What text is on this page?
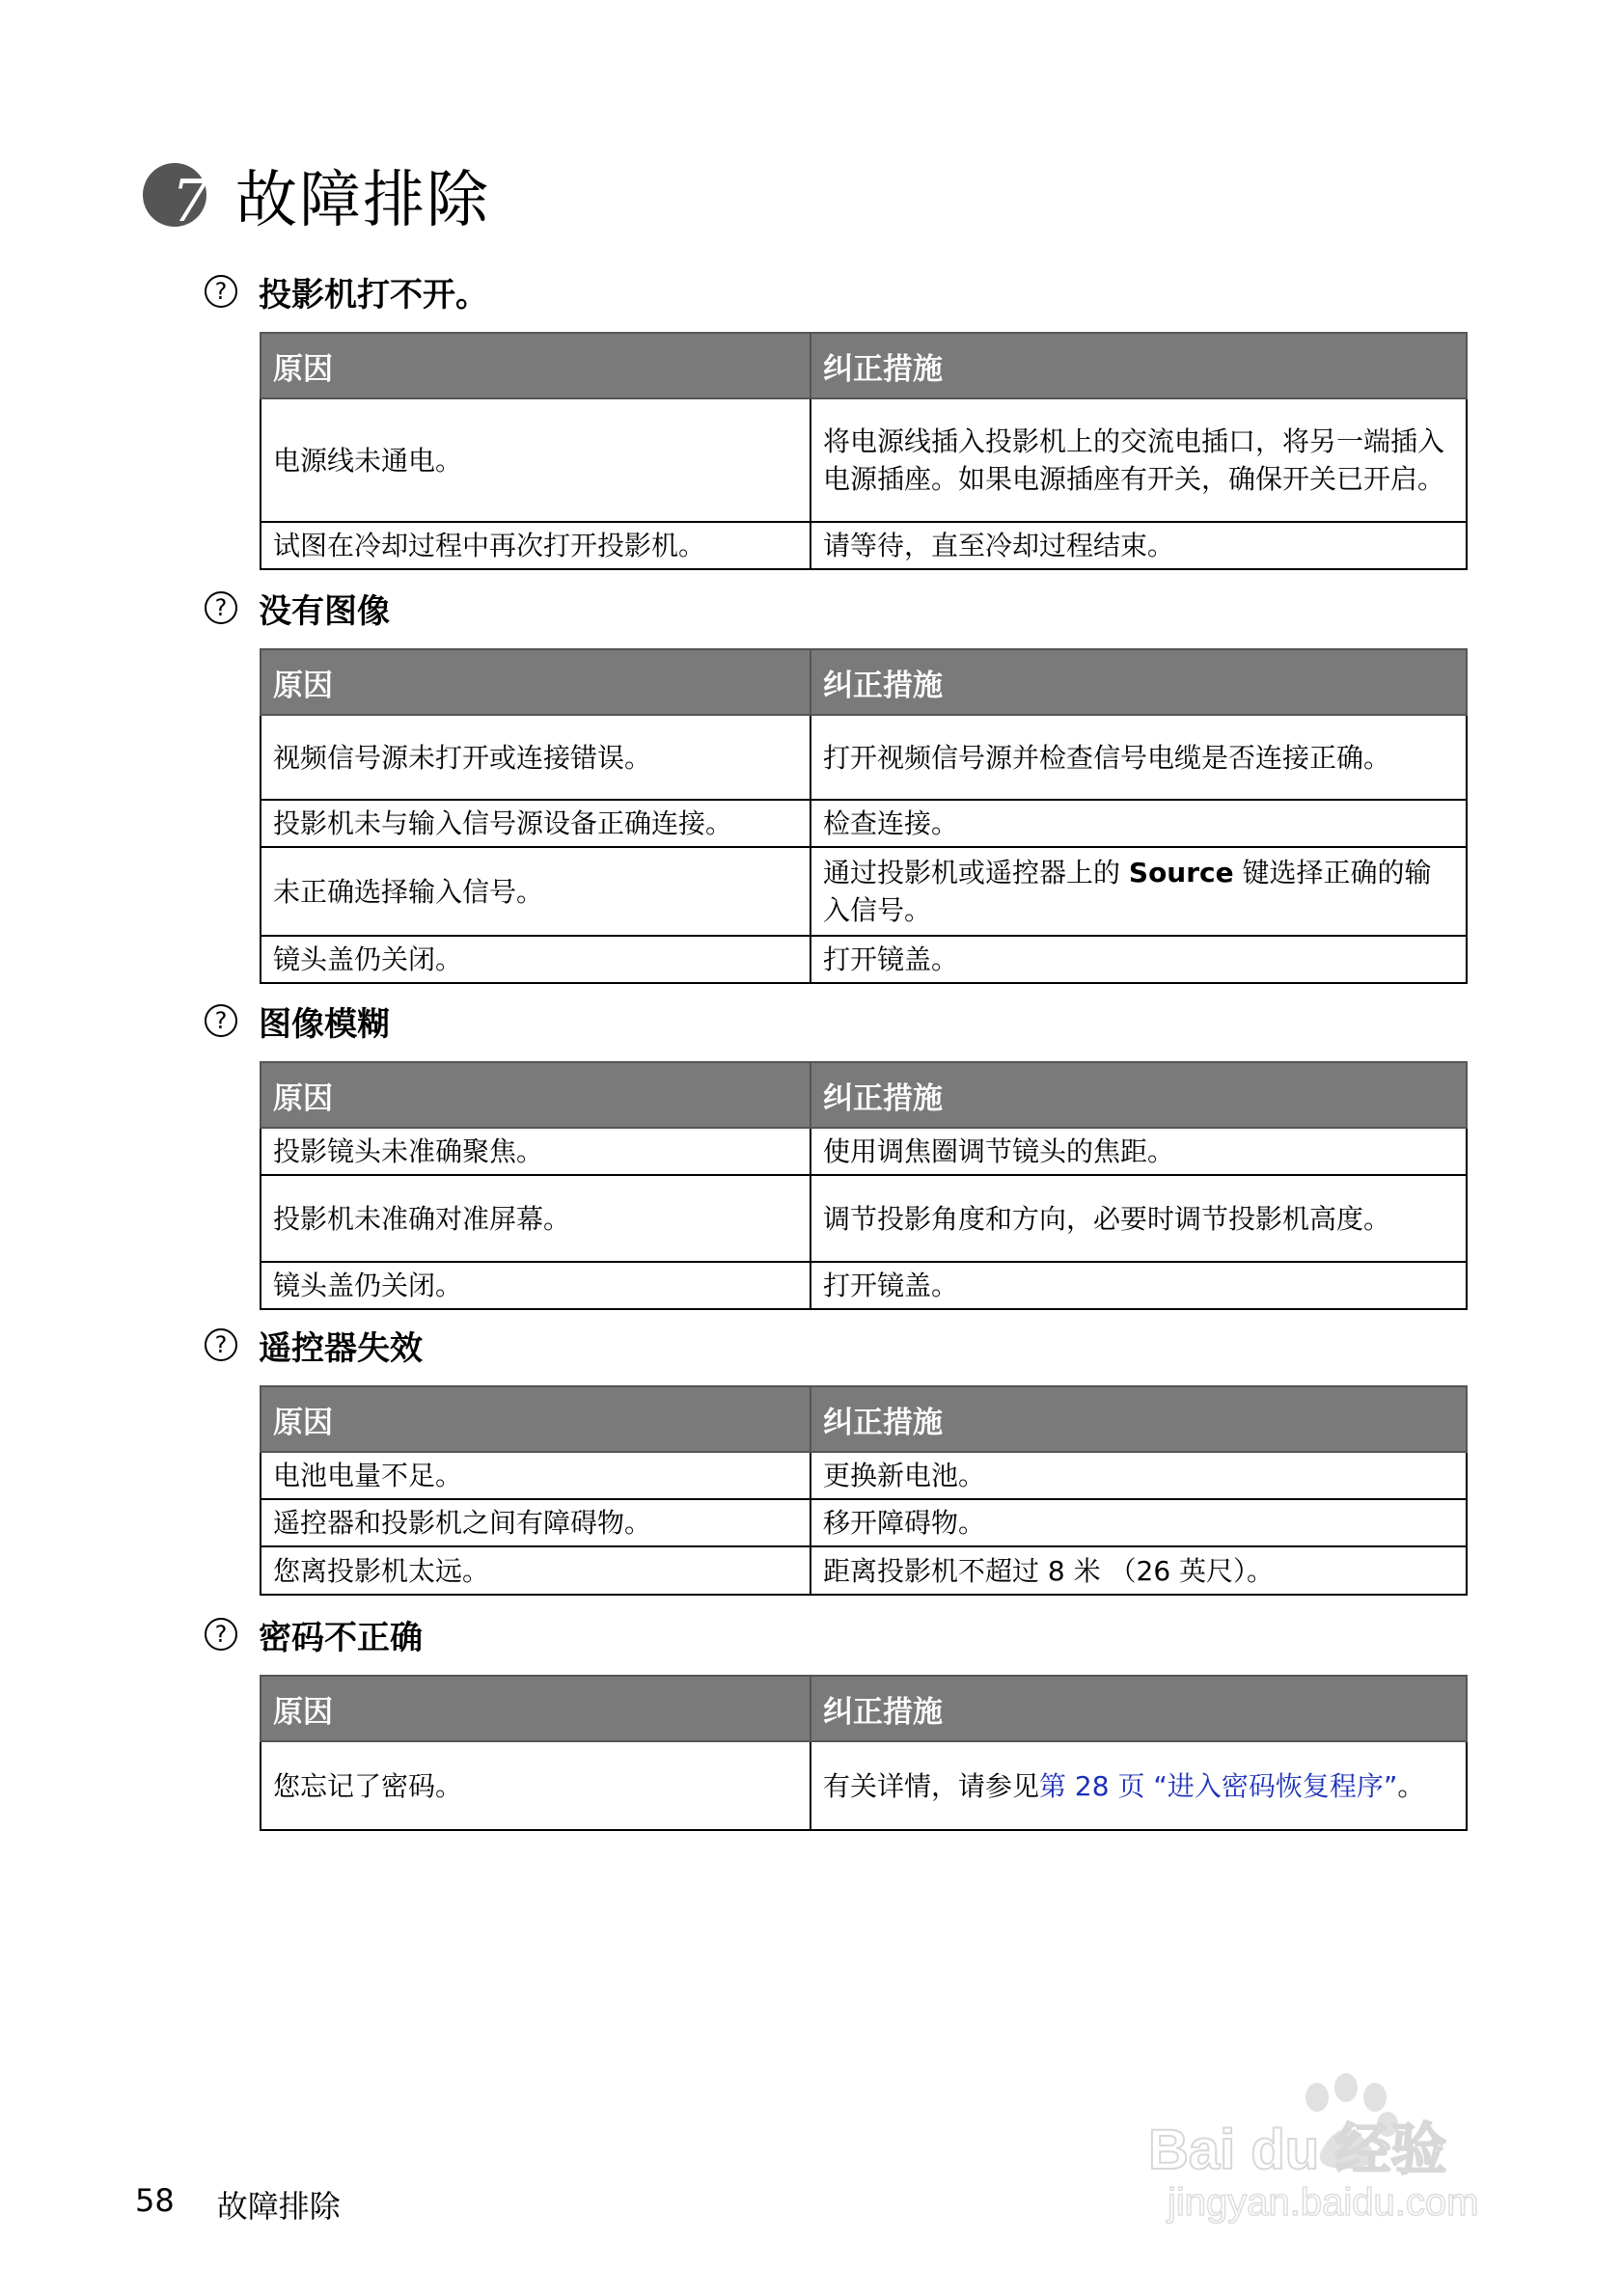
7 故障排除
? 投影机打不开。
原因	纠正措施
电源线未通电。	将电源线插入投影机上的交流电插口，将另一端插入电源插座。如果电源插座有开关，确保开关已开启。
试图在冷却过程中再次打开投影机。	请等待，直至冷却过程结束。
? 没有图像
原因	纠正措施
视频信号源未打开或连接错误。	打开视频信号源并检查信号电缆是否连接正确。
投影机未与输入信号源设备正确连接。	检查连接。
未正确选择输入信号。	通过投影机或遥控器上的 Source 键选择正确的输入信号。
镜头盖仍关闭。	打开镜盖。
? 图像模糊
原因	纠正措施
投影镜头未准确聚焦。	使用调焦圈调节镜头的焦距。
投影机未准确对准屏幕。	调节投影角度和方向，必要时调节投影机高度。
镜头盖仍关闭。	打开镜盖。
? 遥控器失效
原因	纠正措施
电池电量不足。	更换新电池。
遥控器和投影机之间有障碍物。	移开障碍物。
您离投影机太远。	距离投影机不超过 8 米 （26 英尺）。
? 密码不正确
原因	纠正措施
您忘记了密码。	有关详情，请参见第 28 页 “进入密码恢复程序”。
58 故障排除
Bai du 经验
jingyan.baidu.com
